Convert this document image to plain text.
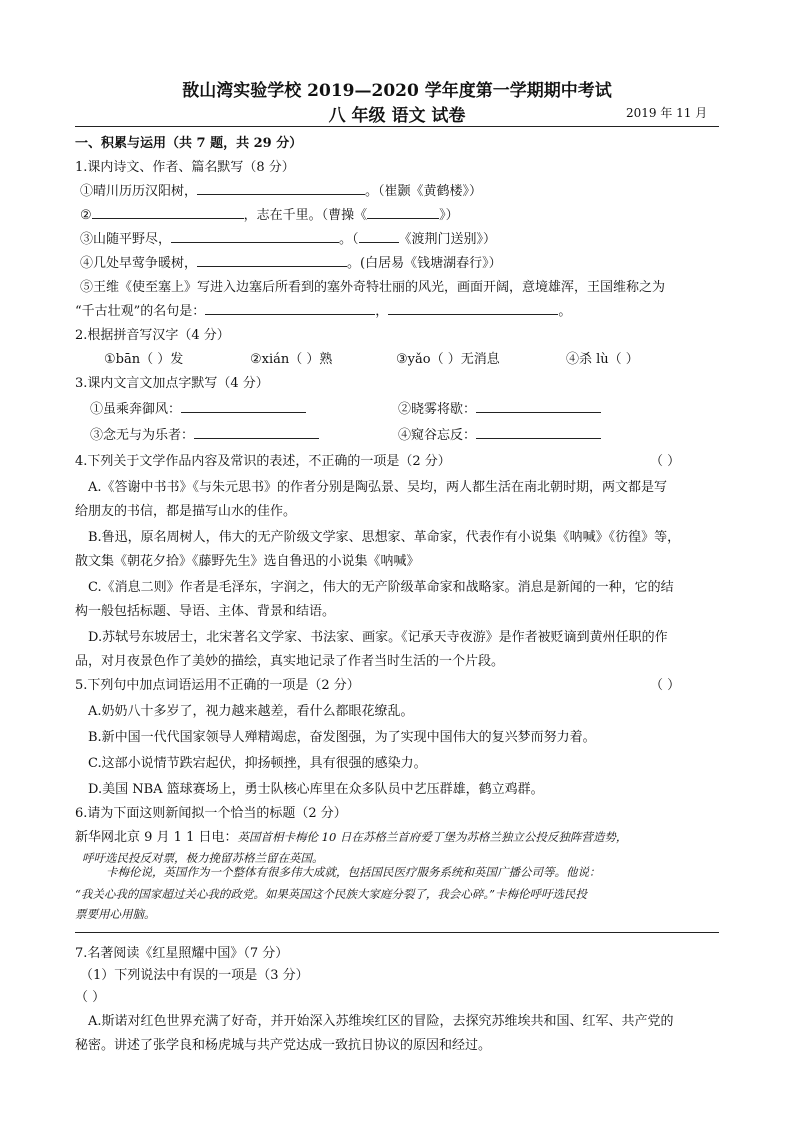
敔山湾实验学校 2019—2020 学年度第一学期期中考试
八 年级 语文 试卷	2019 年 11 月
一、积累与运用（共 7 题，共 29 分）
1.课内诗文、作者、篇名默写（8 分）
①晴川历历汉阳树，	。（崔颢《黄鹤楼》）
②	，志在千里。（曹操《	》）
③山随平野尽，	。（	《渡荆门送别》）
④几处早莺争暖树，	。(白居易《钱塘湖春行》）
⑤王维《使至塞上》写进入边塞后所看到的塞外奇特壮丽的风光，画面开阔，意境雄浑，王国维称之为
“千古壮观”的名句是：	，	。
2.根据拼音写汉字（4 分）
①bān（ ）发	②xián（ ）熟	③yǎo（ ）无消息	④杀 lù（ ）
3.课内文言文加点字默写（4 分）
①虽乘奔御风：	②晓雾将歇：
③念无与为乐者：	④窥谷忘反：
4.下列关于文学作品内容及常识的表述，不正确的一项是（2 分）	（ ）
A.《答谢中书书》《与朱元思书》的作者分别是陶弘景、吴均，两人都生活在南北朝时期，两文都是写
给朋友的书信，都是描写山水的佳作。
B.鲁迅，原名周树人，伟大的无产阶级文学家、思想家、革命家，代表作有小说集《呐喊》《彷徨》等，
散文集《朝花夕拾》《藤野先生》选自鲁迅的小说集《呐喊》
C.《消息二则》作者是毛泽东，字润之，伟大的无产阶级革命家和战略家。消息是新闻的一种，它的结
构一般包括标题、导语、主体、背景和结语。
D.苏轼号东坡居士，北宋著名文学家、书法家、画家。《记承天寺夜游》是作者被贬谪到黄州任职的作
品，对月夜景色作了美妙的描绘，真实地记录了作者当时生活的一个片段。
5.下列句中加点词语运用不正确的一项是（2 分）	（ ）
A.奶奶八十多岁了，视力越来越差，看什么都眼花缭乱。
B.新中国一代代国家领导人殚精竭虑，奋发图强，为了实现中国伟大的复兴梦而努力着。
C.这部小说情节跌宕起伏，抑扬顿挫，具有很强的感染力。
D.美国 NBA 篮球赛场上，勇士队核心库里在众多队员中艺压群雄，鹤立鸡群。
6.请为下面这则新闻拟一个恰当的标题（2 分）
新华网北京 9 月 1 1 日电：英国首相卡梅伦 10 日在苏格兰首府爱丁堡为苏格兰独立公投反独阵营造势，
呼吁选民投反对票，极力挽留苏格兰留在英国。
卡梅伦说，英国作为一个整体有很多伟大成就，包括国民医疗服务系统和英国广播公司等。他说：
“我关心我的国家超过关心我的政党。如果英国这个民族大家庭分裂了，我会心碎。”卡梅伦呼吁选民投
票要用心用脑。
7.名著阅读《红星照耀中国》（7 分）
（1）下列说法中有误的一项是（3 分）
（ ）
A.斯诺对红色世界充满了好奇，并开始深入苏维埃红区的冒险，去探究苏维埃共和国、红军、共产党的
秘密。讲述了张学良和杨虎城与共产党达成一致抗日协议的原因和经过。
